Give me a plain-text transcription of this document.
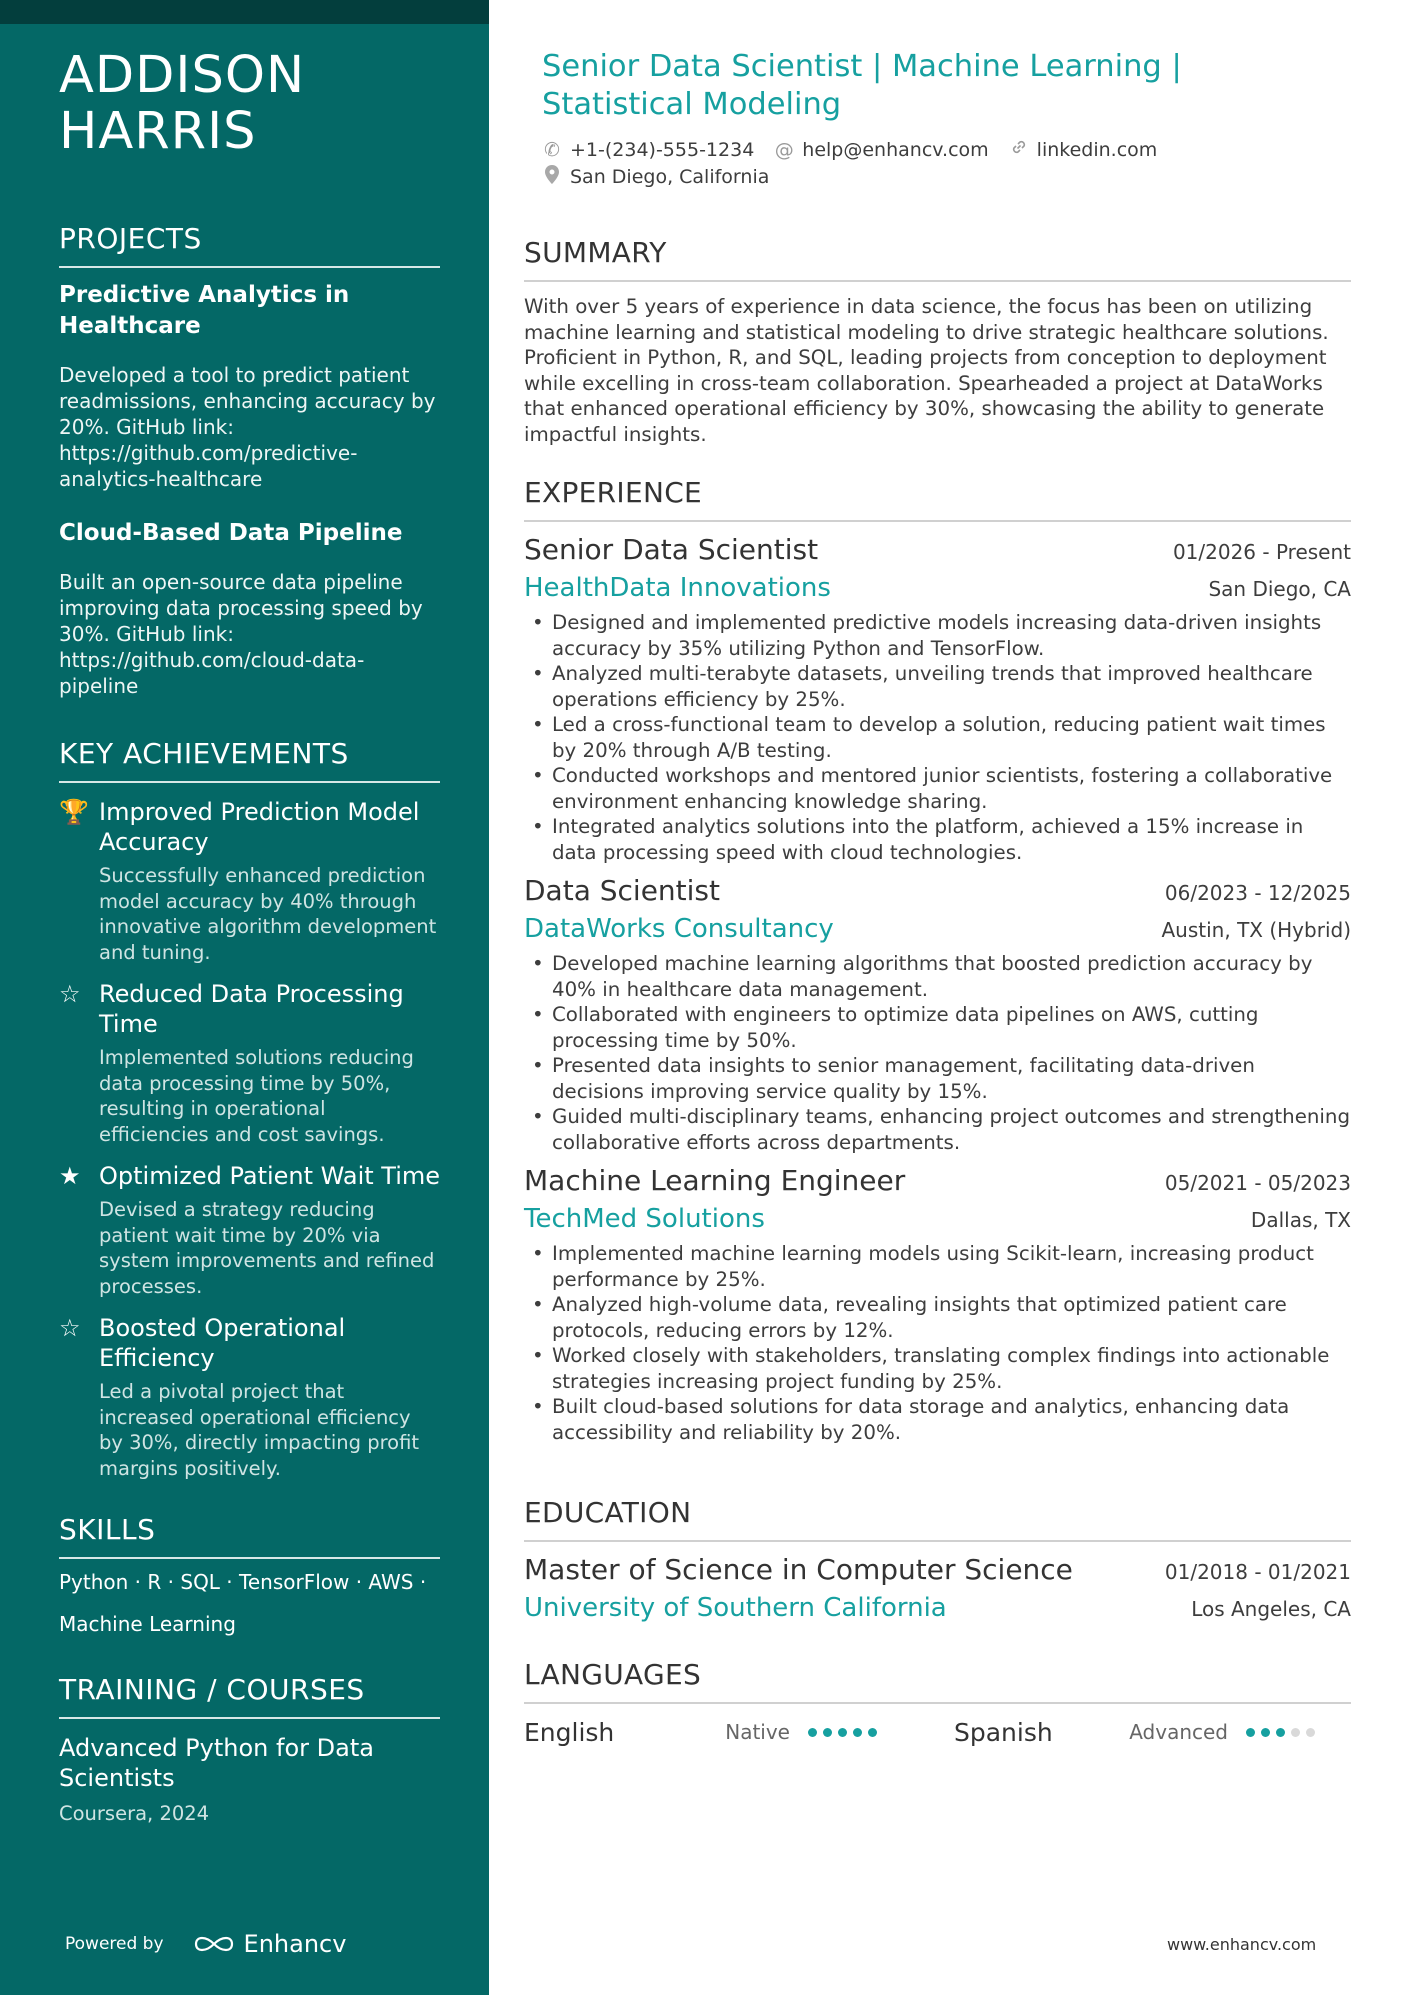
ADDISON
HARRIS
PROJECTS
Predictive Analytics in Healthcare
Developed a tool to predict patient readmissions, enhancing accuracy by 20%. GitHub link: https://github.com/predictive-analytics-healthcare
Cloud-Based Data Pipeline
Built an open-source data pipeline improving data processing speed by 30%. GitHub link: https://github.com/cloud-data-pipeline
KEY ACHIEVEMENTS
🏆 Improved Prediction Model Accuracy
Successfully enhanced prediction model accuracy by 40% through innovative algorithm development and tuning.
☆ Reduced Data Processing Time
Implemented solutions reducing data processing time by 50%, resulting in operational efficiencies and cost savings.
★ Optimized Patient Wait Time
Devised a strategy reducing patient wait time by 20% via system improvements and refined processes.
☆ Boosted Operational Efficiency
Led a pivotal project that increased operational efficiency by 30%, directly impacting profit margins positively.
SKILLS
Python · R · SQL · TensorFlow · AWS ·
Machine Learning
TRAINING / COURSES
Advanced Python for Data Scientists
Coursera, 2024
Powered by	Enhancv
Senior Data Scientist | Machine Learning | Statistical Modeling
✆ +1-(234)-555-1234 @ help@enhancv.com	linkedin.com
San Diego, California
SUMMARY
With over 5 years of experience in data science, the focus has been on utilizing machine learning and statistical modeling to drive strategic healthcare solutions. Proficient in Python, R, and SQL, leading projects from conception to deployment while excelling in cross-team collaboration. Spearheaded a project at DataWorks that enhanced operational efficiency by 30%, showcasing the ability to generate impactful insights.
EXPERIENCE
Senior Data Scientist	01/2026 - Present
HealthData Innovations	San Diego, CA
• Designed and implemented predictive models increasing data-driven insights accuracy by 35% utilizing Python and TensorFlow.
• Analyzed multi-terabyte datasets, unveiling trends that improved healthcare operations efficiency by 25%.
• Led a cross-functional team to develop a solution, reducing patient wait times by 20% through A/B testing.
• Conducted workshops and mentored junior scientists, fostering a collaborative environment enhancing knowledge sharing.
• Integrated analytics solutions into the platform, achieved a 15% increase in data processing speed with cloud technologies.
Data Scientist	06/2023 - 12/2025
DataWorks Consultancy	Austin, TX (Hybrid)
• Developed machine learning algorithms that boosted prediction accuracy by 40% in healthcare data management.
• Collaborated with engineers to optimize data pipelines on AWS, cutting processing time by 50%.
• Presented data insights to senior management, facilitating data-driven decisions improving service quality by 15%.
• Guided multi-disciplinary teams, enhancing project outcomes and strengthening collaborative efforts across departments.
Machine Learning Engineer	05/2021 - 05/2023
TechMed Solutions	Dallas, TX
• Implemented machine learning models using Scikit-learn, increasing product performance by 25%.
• Analyzed high-volume data, revealing insights that optimized patient care protocols, reducing errors by 12%.
• Worked closely with stakeholders, translating complex findings into actionable strategies increasing project funding by 25%.
• Built cloud-based solutions for data storage and analytics, enhancing data accessibility and reliability by 20%.
EDUCATION
Master of Science in Computer Science	01/2018 - 01/2021
University of Southern California	Los Angeles, CA
LANGUAGES
English	Native	Spanish	Advanced
www.enhancv.com
